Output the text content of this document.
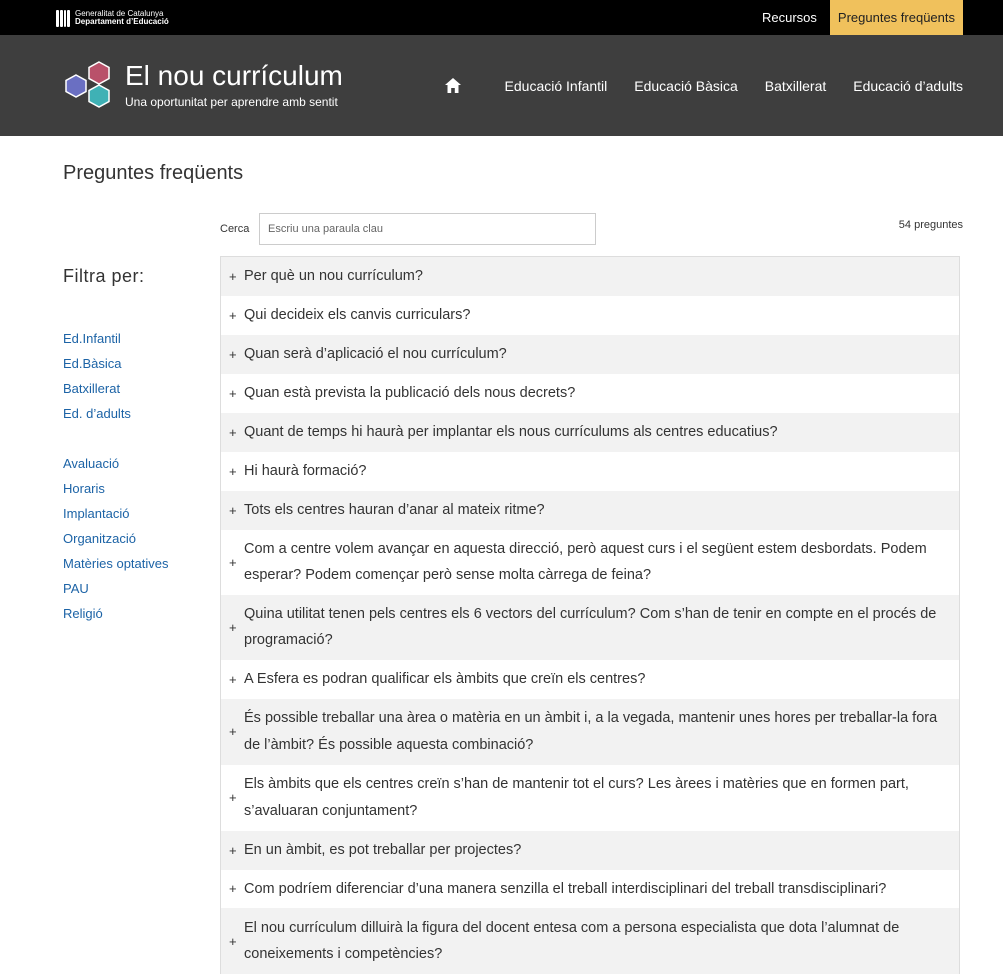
Generalitat de Catalunya
Departament d’Educació	Recursos	Preguntes freqüents
El nou currículum
Una oportunitat per aprendre amb sentit
Educació Infantil Educació Bàsica Batxillerat Educació d’adults
Preguntes freqüents
Cerca
Escriu una paraula clau	54 preguntes
Filtra per:
Ed.Infantil
Ed.Bàsica
Batxillerat
Ed. d’adults
Avaluació
Horaris
Implantació
Organització
Matèries optatives
PAU
Religió
+ Per què un nou currículum?
+ Qui decideix els canvis curriculars?
+ Quan serà d’aplicació el nou currículum?
+ Quan està prevista la publicació dels nous decrets?
+ Quant de temps hi haurà per implantar els nous currículums als centres educatius?
+ Hi haurà formació?
+ Tots els centres hauran d’anar al mateix ritme?
+
Com a centre volem avançar en aquesta direcció, però aquest curs i el següent estem desbordats. Podem esperar? Podem començar però sense molta càrrega de feina?
+
Quina utilitat tenen pels centres els 6 vectors del currículum? Com s’han de tenir en compte en el procés de programació?
+ A Esfera es podran qualificar els àmbits que creïn els centres?
+
És possible treballar una àrea o matèria en un àmbit i, a la vegada, mantenir unes hores per treballar-la fora de l’àmbit? És possible aquesta combinació?
+
Els àmbits que els centres creïn s’han de mantenir tot el curs? Les àrees i matèries que en formen part, s’avaluaran conjuntament?
+ En un àmbit, es pot treballar per projectes?
+ Com podríem diferenciar d’una manera senzilla el treball interdisciplinari del treball transdisciplinari?
+
El nou currículum dilluirà la figura del docent entesa com a persona especialista que dota l’alumnat de coneixements i competències?
